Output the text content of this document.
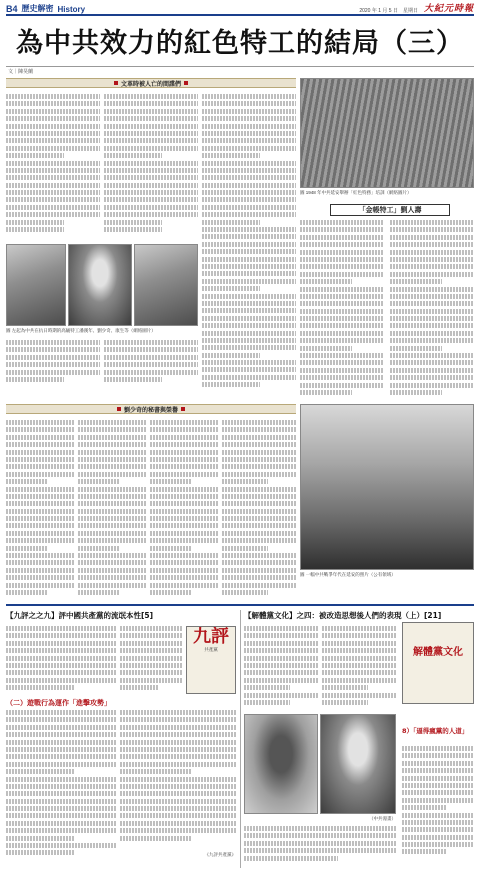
B4 歷史解密 History	2020 年 1 月 5 日　星期日 大紀元時報
為中共效力的紅色特工的結局（三）
文｜陳昊蘭
文革時被人亡的間諜們
圖 左起為中共在抗日時期的高級特工潘漢年、劉少奇、康生等（網絡圖片）
圖 1948 年中共延安舉辦「紅色特務」培訓（網絡圖片）
「金帳特工」劉人壽
劉少奇的秘書與榮譽
圖 一幅中共戰爭年代在延安的照片（公有領域）
【九評之之九】評中國共產黨的流氓本性[5]	【解體黨文化】之四：被改造思想後人們的表現（上）[21]
九評
共產黨
（二）遊戰行為運作「進擊攻勢」
《九評共產黨》
解體黨文化
（中共漫畫）
8）「逼得瘋黨的人道」
